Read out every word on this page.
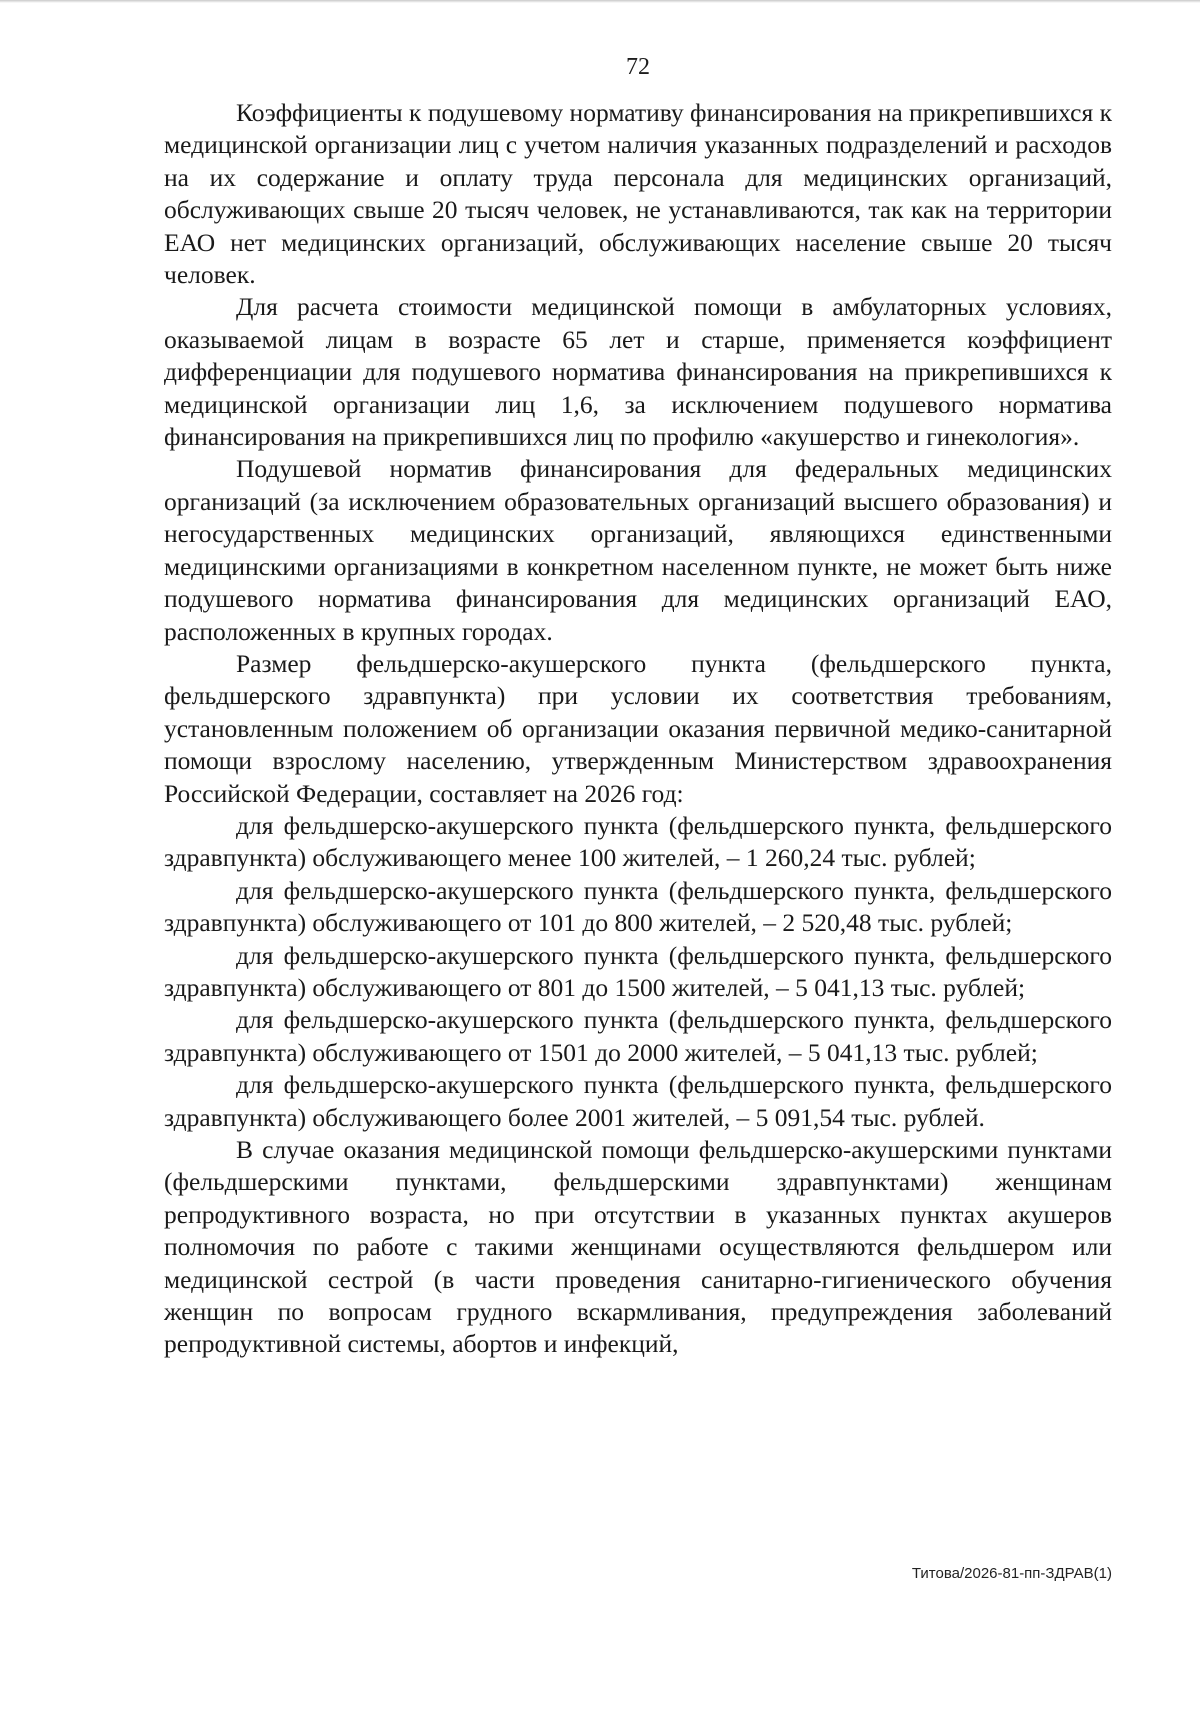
72

Коэффициенты к подушевому нормативу финансирования на прикрепившихся к медицинской организации лиц с учетом наличия указанных подразделений и расходов на их содержание и оплату труда персонала для медицинских организаций, обслуживающих свыше 20 тысяч человек, не устанавливаются, так как на территории ЕАО нет медицинских организаций, обслуживающих население свыше 20 тысяч человек.

Для расчета стоимости медицинской помощи в амбулаторных условиях, оказываемой лицам в возрасте 65 лет и старше, применяется коэффициент дифференциации для подушевого норматива финансирования на прикрепившихся к медицинской организации лиц 1,6, за исключением подушевого норматива финансирования на прикрепившихся лиц по профилю «акушерство и гинекология».

Подушевой норматив финансирования для федеральных медицинских организаций (за исключением образовательных организаций высшего образования) и негосударственных медицинских организаций, являющихся единственными медицинскими организациями в конкретном населенном пункте, не может быть ниже подушевого норматива финансирования для медицинских организаций ЕАО, расположенных в крупных городах.

Размер фельдшерско-акушерского пункта (фельдшерского пункта, фельдшерского здравпункта) при условии их соответствия требованиям, установленным положением об организации оказания первичной медико-санитарной помощи взрослому населению, утвержденным Министерством здравоохранения Российской Федерации, составляет на 2026 год:

для фельдшерско-акушерского пункта (фельдшерского пункта, фельдшерского здравпункта) обслуживающего менее 100 жителей, – 1 260,24 тыс. рублей;

для фельдшерско-акушерского пункта (фельдшерского пункта, фельдшерского здравпункта) обслуживающего от 101 до 800 жителей, – 2 520,48 тыс. рублей;

для фельдшерско-акушерского пункта (фельдшерского пункта, фельдшерского здравпункта) обслуживающего от 801 до 1500 жителей, – 5 041,13 тыс. рублей;

для фельдшерско-акушерского пункта (фельдшерского пункта, фельдшерского здравпункта) обслуживающего от 1501 до 2000 жителей, – 5 041,13 тыс. рублей;

для фельдшерско-акушерского пункта (фельдшерского пункта, фельдшерского здравпункта) обслуживающего более 2001 жителей, – 5 091,54 тыс. рублей.

В случае оказания медицинской помощи фельдшерско-акушерскими пунктами (фельдшерскими пунктами, фельдшерскими здравпунктами) женщинам репродуктивного возраста, но при отсутствии в указанных пунктах акушеров полномочия по работе с такими женщинами осуществляются фельдшером или медицинской сестрой (в части проведения санитарно-гигиенического обучения женщин по вопросам грудного вскармливания, предупреждения заболеваний репродуктивной системы, абортов и инфекций,

Титова/2026-81-пп-ЗДРАВ(1)
